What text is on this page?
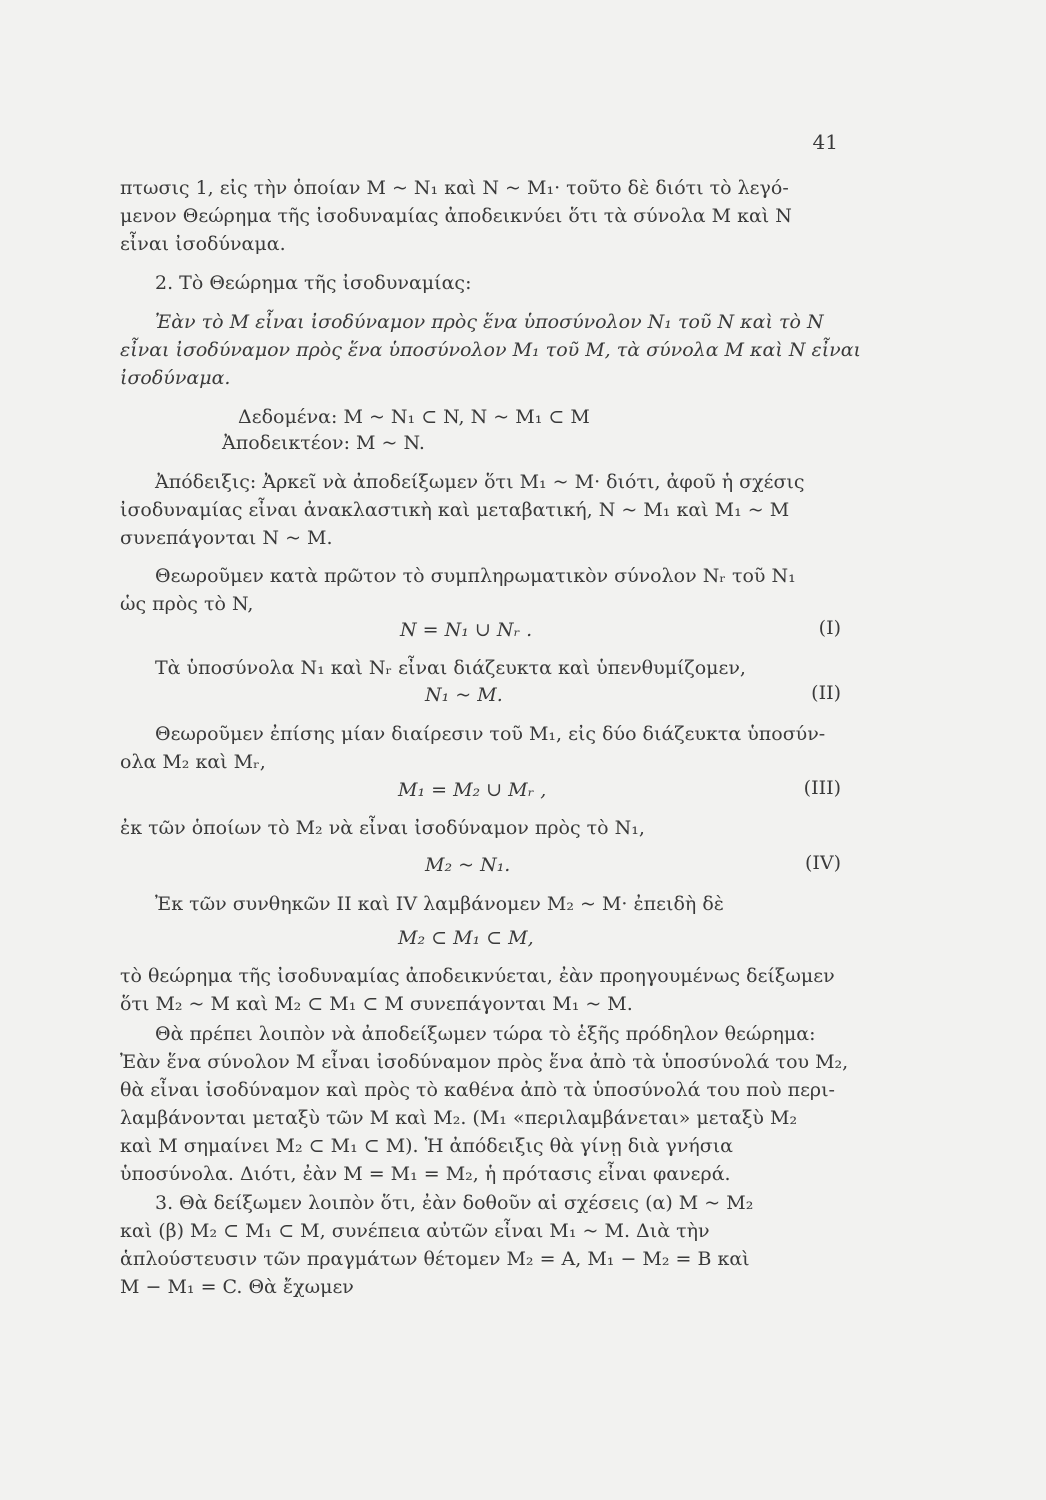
41
πτωσις 1, εἰς τὴν ὁποίαν M ~ N₁ καὶ N ~ M₁· τοῦτο δὲ διότι τὸ λεγό-
μενον Θεώρημα τῆς ἰσοδυναμίας ἀποδεικνύει ὅτι τὰ σύνολα M καὶ N
εἶναι ἰσοδύναμα.
2. Τὸ Θεώρημα τῆς ἰσοδυναμίας:
Ἐὰν τὸ M εἶναι ἰσοδύναμον πρὸς ἕνα ὑποσύνολον N₁ τοῦ N καὶ τὸ N
εἶναι ἰσοδύναμον πρὸς ἕνα ὑποσύνολον M₁ τοῦ M, τὰ σύνολα M καὶ N εἶναι
ἰσοδύναμα.
Δεδομένα: M ~ N₁ ⊂ N, N ~ M₁ ⊂ M
Ἀποδεικτέον: M ~ N.
Ἀπόδειξις: Ἀρκεῖ νὰ ἀποδείξωμεν ὅτι M₁ ~ M· διότι, ἀφοῦ ἡ σχέσις
ἰσοδυναμίας εἶναι ἀνακλαστικὴ καὶ μεταβατική, N ~ M₁ καὶ M₁ ~ M
συνεπάγονται N ~ M.
Θεωροῦμεν κατὰ πρῶτον τὸ συμπληρωματικὸν σύνολον Nᵣ τοῦ N₁
ὡς πρὸς τὸ N,
N = N₁ ∪ Nᵣ .	(I)
Τὰ ὑποσύνολα N₁ καὶ Nᵣ εἶναι διάζευκτα καὶ ὑπενθυμίζομεν,
N₁ ~ M.	(II)
Θεωροῦμεν ἐπίσης μίαν διαίρεσιν τοῦ M₁, εἰς δύο διάζευκτα ὑποσύν-
ολα M₂ καὶ Mᵣ,
M₁ = M₂ ∪ Mᵣ ,	(III)
ἐκ τῶν ὁποίων τὸ M₂ νὰ εἶναι ἰσοδύναμον πρὸς τὸ N₁,
M₂ ~ N₁.	(IV)
Ἐκ τῶν συνθηκῶν II καὶ IV λαμβάνομεν M₂ ~ M· ἐπειδὴ δὲ
M₂ ⊂ M₁ ⊂ M,
τὸ θεώρημα τῆς ἰσοδυναμίας ἀποδεικνύεται, ἐὰν προηγουμένως δείξωμεν
ὅτι M₂ ~ M καὶ M₂ ⊂ M₁ ⊂ M συνεπάγονται M₁ ~ M.
Θὰ πρέπει λοιπὸν νὰ ἀποδείξωμεν τώρα τὸ ἑξῆς πρόδηλον θεώρημα:
Ἐὰν ἕνα σύνολον M εἶναι ἰσοδύναμον πρὸς ἕνα ἀπὸ τὰ ὑποσύνολά του M₂,
θὰ εἶναι ἰσοδύναμον καὶ πρὸς τὸ καθένα ἀπὸ τὰ ὑποσύνολά του ποὺ περι-
λαμβάνονται μεταξὺ τῶν M καὶ M₂. (M₁ «περιλαμβάνεται» μεταξὺ M₂
καὶ M σημαίνει M₂ ⊂ M₁ ⊂ M). Ἡ ἀπόδειξις θὰ γίνῃ διὰ γνήσια
ὑποσύνολα. Διότι, ἐὰν M = M₁ = M₂, ἡ πρότασις εἶναι φανερά.
3. Θὰ δείξωμεν λοιπὸν ὅτι, ἐὰν δοθοῦν αἱ σχέσεις (α) M ~ M₂
καὶ (β) M₂ ⊂ M₁ ⊂ M, συνέπεια αὐτῶν εἶναι M₁ ~ M. Διὰ τὴν
ἁπλούστευσιν τῶν πραγμάτων θέτομεν M₂ = A, M₁ − M₂ = B καὶ
M − M₁ = C. Θὰ ἔχωμεν
